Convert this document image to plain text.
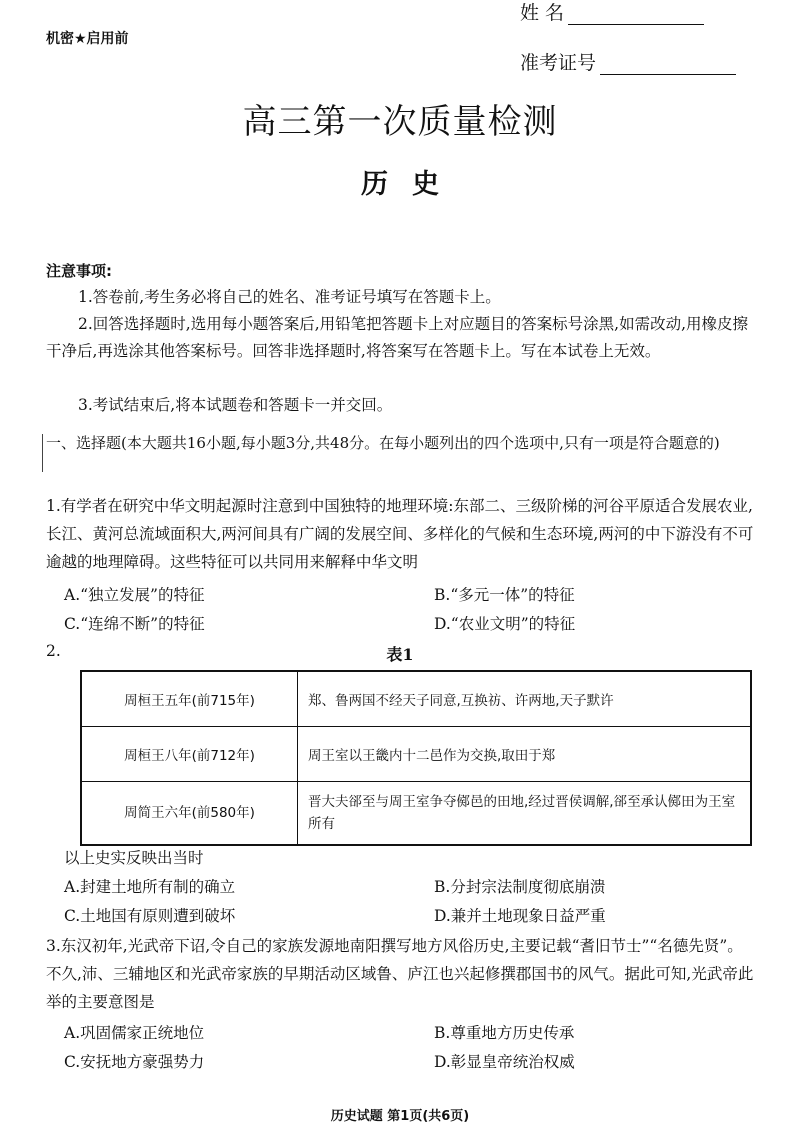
机密★启用前
姓 名
准考证号
高三第一次质量检测
历 史
注意事项:
1.答卷前,考生务必将自己的姓名、准考证号填写在答题卡上。
2.回答选择题时,选用每小题答案后,用铅笔把答题卡上对应题目的答案标号涂黑,如需改动,用橡皮擦干净后,再选涂其他答案标号。回答非选择题时,将答案写在答题卡上。写在本试卷上无效。
3.考试结束后,将本试题卷和答题卡一并交回。
一、选择题(本大题共16小题,每小题3分,共48分。在每小题列出的四个选项中,只有一项是符合题意的)
1.有学者在研究中华文明起源时注意到中国独特的地理环境:东部二、三级阶梯的河谷平原适合发展农业,长江、黄河总流域面积大,两河间具有广阔的发展空间、多样化的气候和生态环境,两河的中下游没有不可逾越的地理障碍。这些特征可以共同用来解释中华文明
A.“独立发展”的特征	B.“多元一体”的特征
C.“连绵不断”的特征	D.“农业文明”的特征
2.	表1
周桓王五年(前715年)	郑、鲁两国不经天子同意,互换祊、许两地,天子默许
周桓王八年(前712年)	周王室以王畿内十二邑作为交换,取田于郑
周简王六年(前580年)	晋大夫郤至与周王室争夺鄇邑的田地,经过晋侯调解,郤至承认鄇田为王室所有
以上史实反映出当时
A.封建土地所有制的确立	B.分封宗法制度彻底崩溃
C.土地国有原则遭到破坏	D.兼并土地现象日益严重
3.东汉初年,光武帝下诏,令自己的家族发源地南阳撰写地方风俗历史,主要记载“耆旧节士”“名德先贤”。不久,沛、三辅地区和光武帝家族的早期活动区域鲁、庐江也兴起修撰郡国书的风气。据此可知,光武帝此举的主要意图是
A.巩固儒家正统地位	B.尊重地方历史传承
C.安抚地方豪强势力	D.彰显皇帝统治权威
历史试题 第1页(共6页)
